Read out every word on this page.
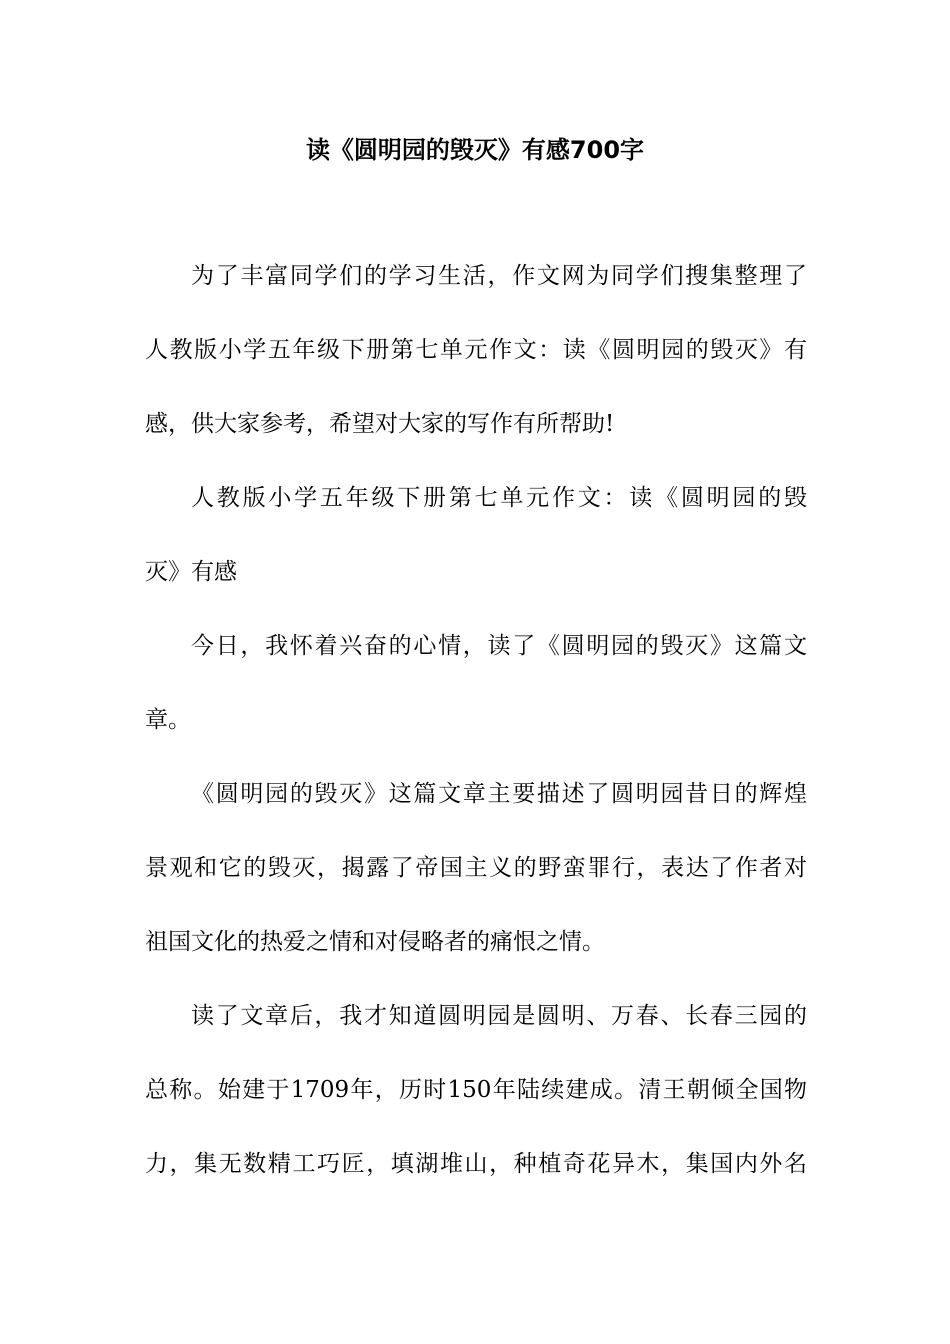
读《圆明园的毁灭》有感700字
为了丰富同学们的学习生活，作文网为同学们搜集整理了
人教版小学五年级下册第七单元作文：读《圆明园的毁灭》有
感，供大家参考，希望对大家的写作有所帮助!
人教版小学五年级下册第七单元作文：读《圆明园的毁
灭》有感
今日，我怀着兴奋的心情，读了《圆明园的毁灭》这篇文
章。
《圆明园的毁灭》这篇文章主要描述了圆明园昔日的辉煌
景观和它的毁灭，揭露了帝国主义的野蛮罪行，表达了作者对
祖国文化的热爱之情和对侵略者的痛恨之情。
读了文章后，我才知道圆明园是圆明、万春、长春三园的
总称。始建于1709年，历时150年陆续建成。清王朝倾全国物
力，集无数精工巧匠，填湖堆山，种植奇花异木，集国内外名
